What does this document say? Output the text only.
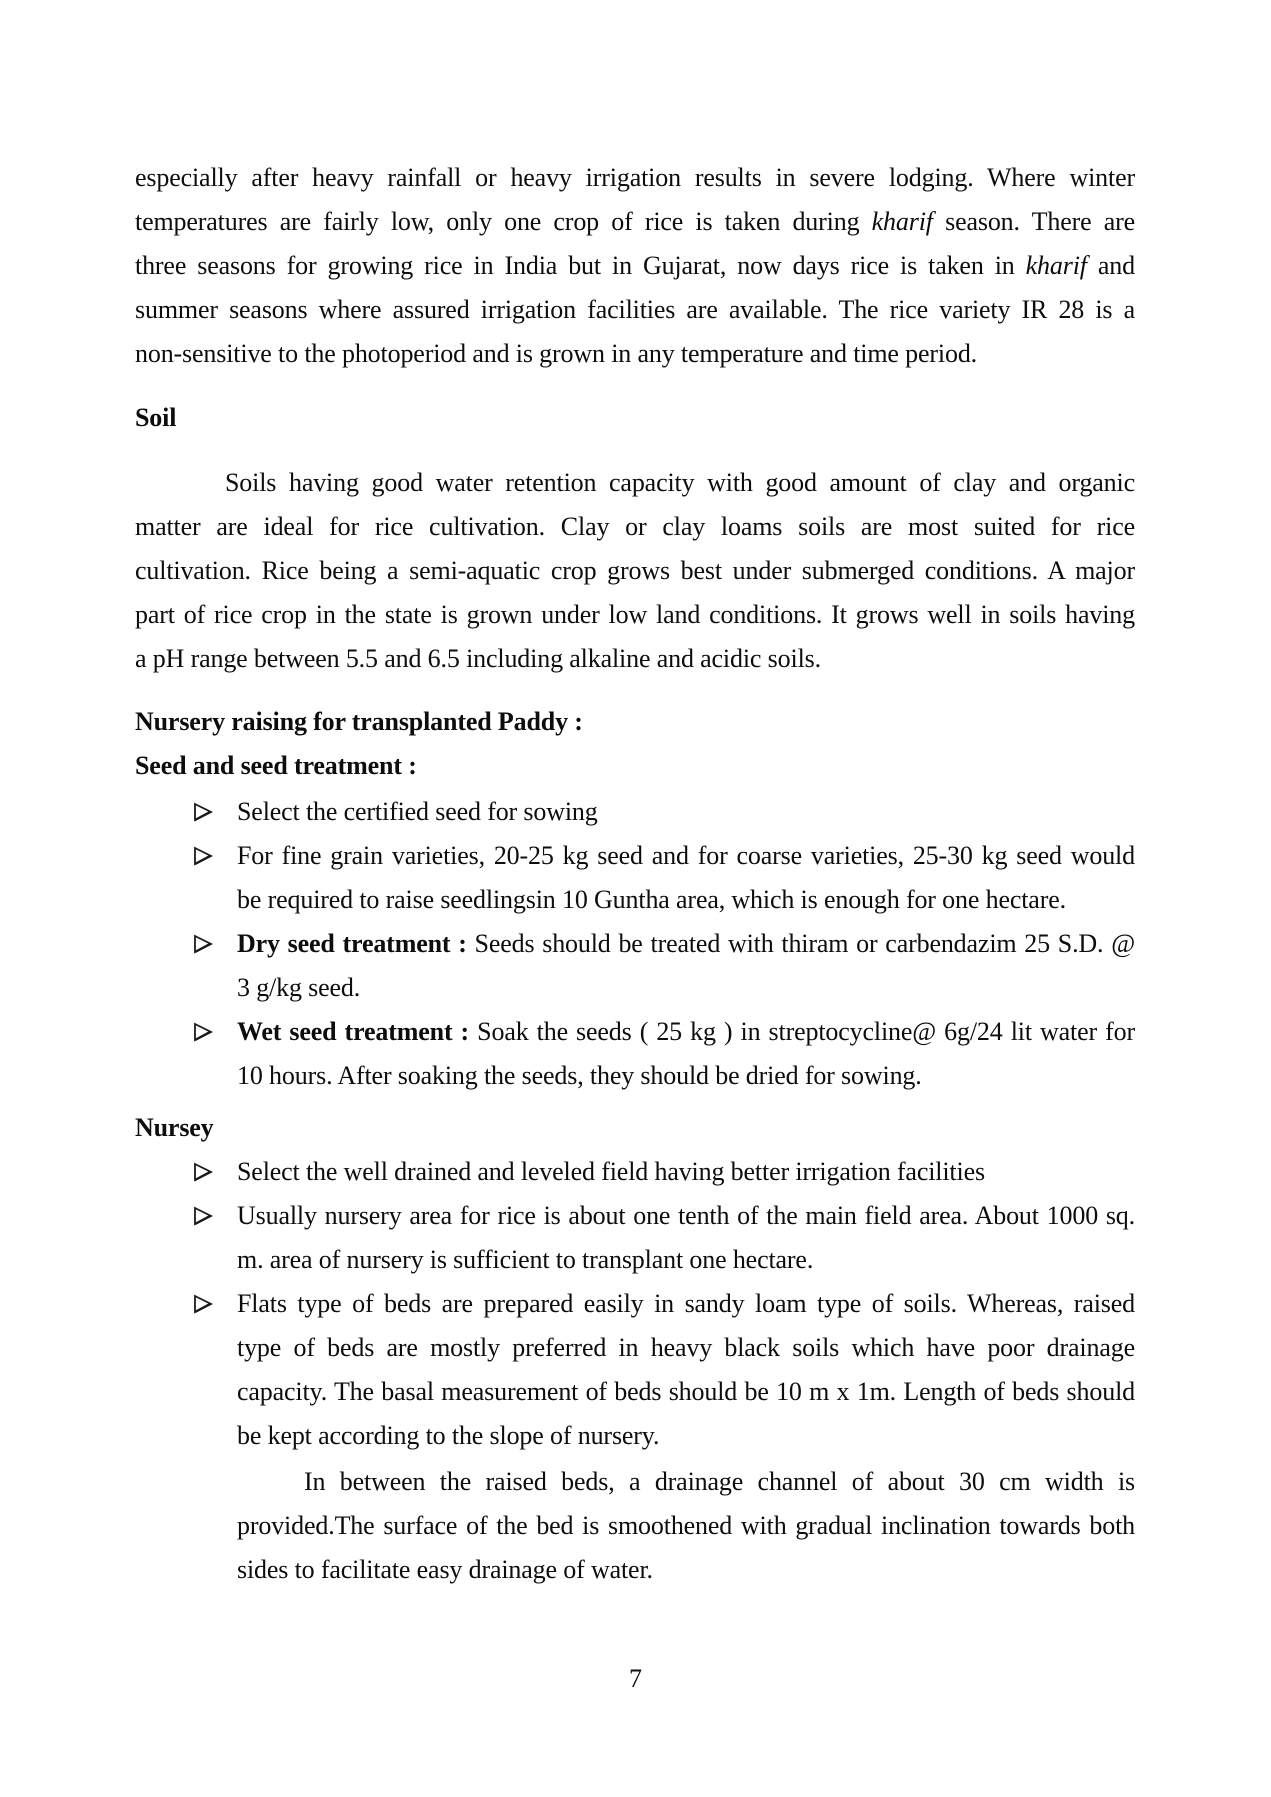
especially after heavy rainfall or heavy irrigation results in severe lodging. Where winter
temperatures are fairly low, only one crop of rice is taken during kharif season. There are
three seasons for growing rice in India but in Gujarat, now days rice is taken in kharif and
summer seasons where assured irrigation facilities are available. The rice variety IR 28 is a
non-sensitive to the photoperiod and is grown in any temperature and time period.
Soil
Soils having good water retention capacity with good amount of clay and organic
matter are ideal for rice cultivation. Clay or clay loams soils are most suited for rice
cultivation. Rice being a semi-aquatic crop grows best under submerged conditions. A major
part of rice crop in the state is grown under low land conditions. It grows well in soils having
a pH range between 5.5 and 6.5 including alkaline and acidic soils.
Nursery raising for transplanted Paddy :
Seed and seed treatment :
Select the certified seed for sowing
For fine grain varieties, 20-25 kg seed and for coarse varieties, 25-30 kg seed would
be required to raise seedlingsin 10 Guntha area, which is enough for one hectare.
Dry seed treatment : Seeds should be treated with thiram or carbendazim 25 S.D. @
3 g/kg seed.
Wet seed treatment : Soak the seeds ( 25 kg ) in streptocycline@ 6g/24 lit water for
10 hours. After soaking the seeds, they should be dried for sowing.
Nursey
Select the well drained and leveled field having better irrigation facilities
Usually nursery area for rice is about one tenth of the main field area. About 1000 sq.
m. area of nursery is sufficient to transplant one hectare.
Flats type of beds are prepared easily in sandy loam type of soils. Whereas, raised
type of beds are mostly preferred in heavy black soils which have poor drainage
capacity. The basal measurement of beds should be 10 m x 1m. Length of beds should
be kept according to the slope of nursery.
In between the raised beds, a drainage channel of about 30 cm width is
provided.The surface of the bed is smoothened with gradual inclination towards both
sides to facilitate easy drainage of water.
7
